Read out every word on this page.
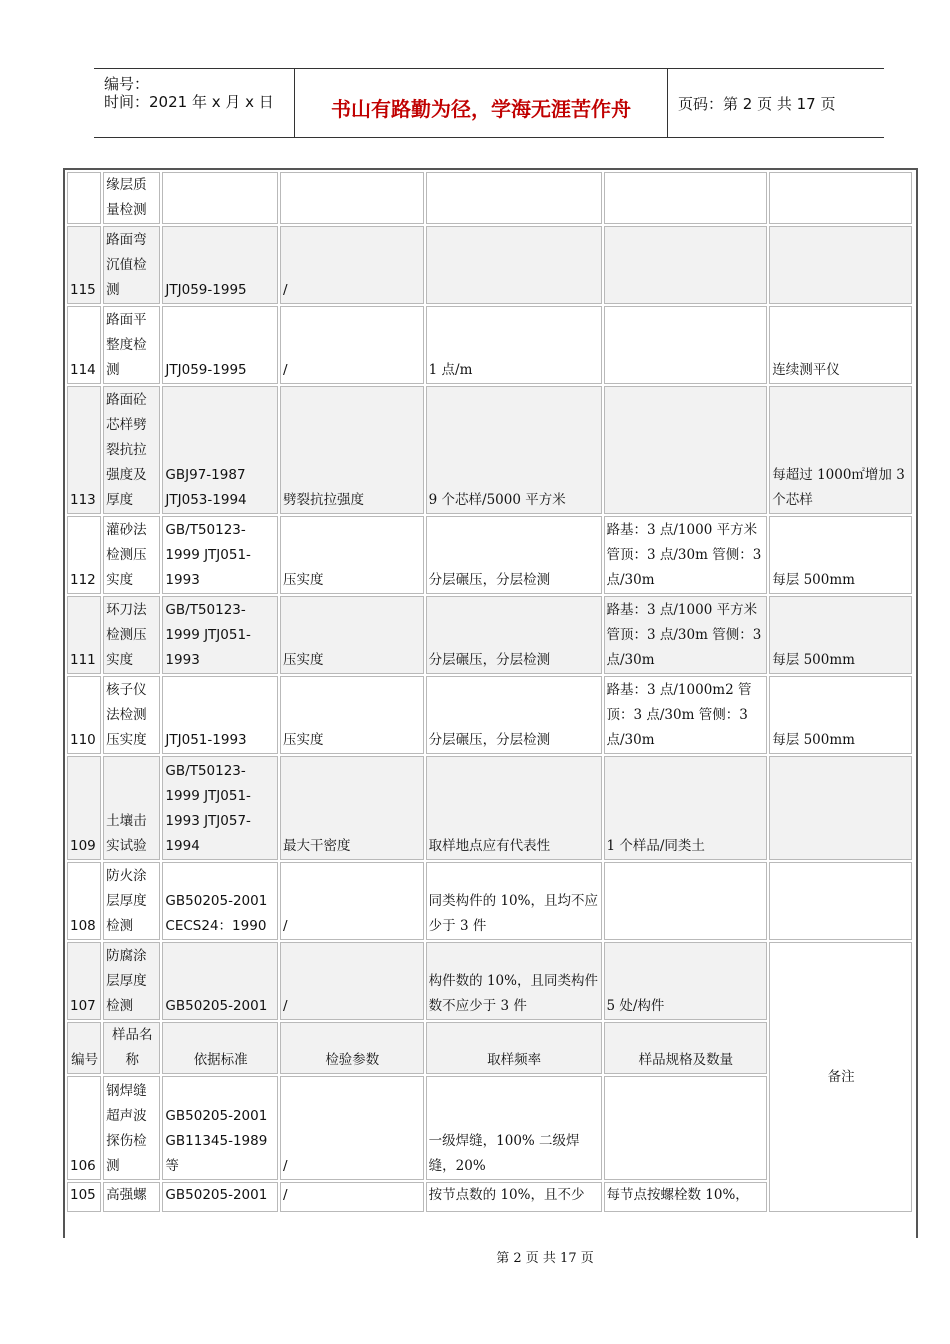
编号：
时间：2021 年 x 月 x 日	书山有路勤为径，学海无涯苦作舟	页码：第 2 页 共 17 页
	缘层质量检测					
115	路面弯沉值检测	JTJ059-1995	/			
114	路面平整度检测	JTJ059-1995	/	1 点/m		连续测平仪
113	路面砼芯样劈裂抗拉强度及厚度	GBJ97-1987 JTJ053-1994	劈裂抗拉强度	9 个芯样/5000 平方米		每超过 1000㎡增加 3 个芯样
112	灌砂法检测压实度	GB/T50123-1999 JTJ051-1993	压实度	分层碾压，分层检测	路基：3 点/1000 平方米 管顶：3 点/30m 管侧：3 点/30m	每层 500mm
111	环刀法检测压实度	GB/T50123-1999 JTJ051-1993	压实度	分层碾压，分层检测	路基：3 点/1000 平方米 管顶：3 点/30m 管侧：3 点/30m	每层 500mm
110	核子仪法检测压实度	JTJ051-1993	压实度	分层碾压，分层检测	路基：3 点/1000m2 管顶：3 点/30m 管侧：3 点/30m	每层 500mm
109	土壤击实试验	GB/T50123-1999 JTJ051-1993 JTJ057-1994	最大干密度	取样地点应有代表性	1 个样品/同类土	
108	防火涂层厚度检测	GB50205-2001 CECS24：1990	/	同类构件的 10%，且均不应少于 3 件		
107	防腐涂层厚度检测	GB50205-2001	/	构件数的 10%，且同类构件数不应少于 3 件	5 处/构件	备注
编号	样品名称	依据标准	检验参数	取样频率	样品规格及数量	
106	钢焊缝超声波探伤检测	GB50205-2001 GB11345-1989 等	/	一级焊缝，100% 二级焊缝，20%		
105	高强螺	GB50205-2001	/	按节点数的 10%，且不少	每节点按螺栓数 10%，	
第 2 页 共 17 页
